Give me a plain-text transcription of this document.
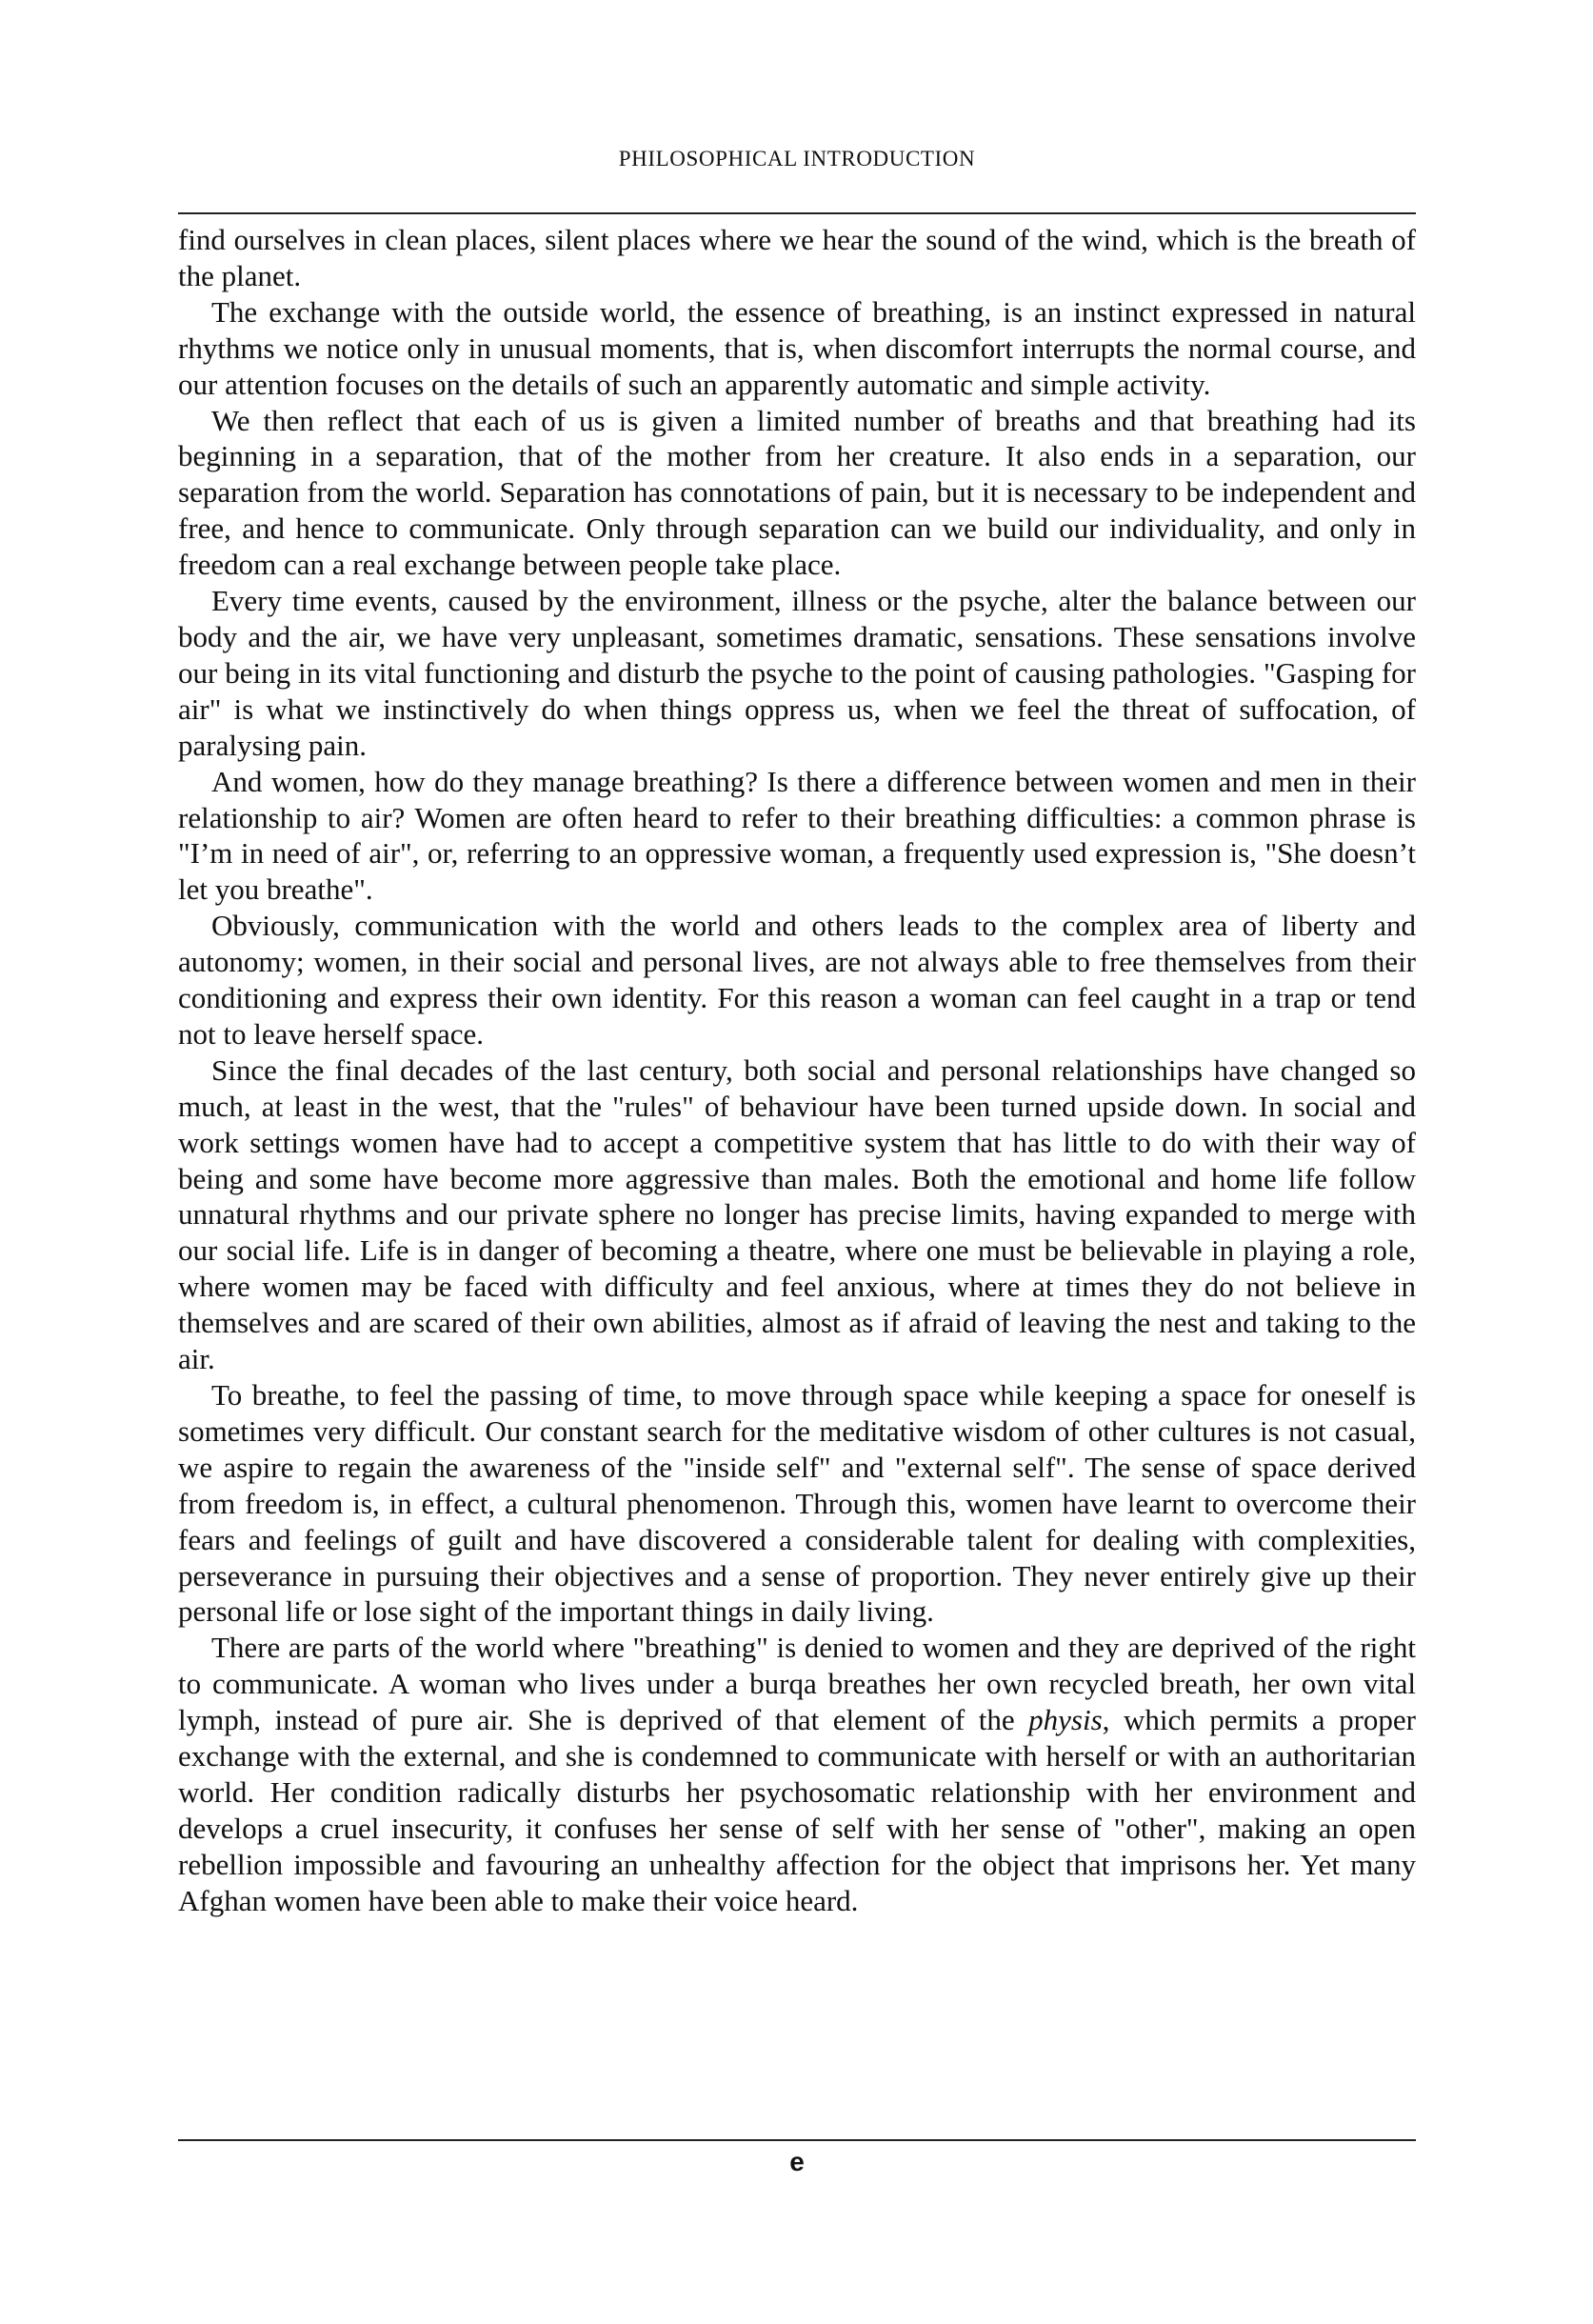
PHILOSOPHICAL INTRODUCTION

find ourselves in clean places, silent places where we hear the sound of the wind, which is the breath of the planet.

The exchange with the outside world, the essence of breathing, is an instinct expressed in natural rhythms we notice only in unusual moments, that is, when discomfort interrupts the normal course, and our attention focuses on the details of such an apparently automatic and simple activity.

We then reflect that each of us is given a limited number of breaths and that breathing had its beginning in a separation, that of the mother from her creature. It also ends in a separation, our separation from the world. Separation has connotations of pain, but it is necessary to be independent and free, and hence to communicate. Only through separation can we build our individuality, and only in freedom can a real exchange between people take place.

Every time events, caused by the environment, illness or the psyche, alter the balance between our body and the air, we have very unpleasant, sometimes dramatic, sensations. These sensations involve our being in its vital functioning and disturb the psyche to the point of causing pathologies. "Gasping for air" is what we instinctively do when things oppress us, when we feel the threat of suffocation, of paralysing pain.

And women, how do they manage breathing? Is there a difference between women and men in their relationship to air? Women are often heard to refer to their breathing difficulties: a common phrase is "I’m in need of air", or, referring to an oppressive woman, a frequently used expression is, "She doesn’t let you breathe".

Obviously, communication with the world and others leads to the complex area of liberty and autonomy; women, in their social and personal lives, are not always able to free themselves from their conditioning and express their own identity. For this reason a woman can feel caught in a trap or tend not to leave herself space.

Since the final decades of the last century, both social and personal relationships have changed so much, at least in the west, that the "rules" of behaviour have been turned upside down. In social and work settings women have had to accept a competitive system that has little to do with their way of being and some have become more aggressive than males. Both the emotional and home life follow unnatural rhythms and our private sphere no longer has precise limits, having expanded to merge with our social life. Life is in danger of becoming a theatre, where one must be believable in playing a role, where women may be faced with difficulty and feel anxious, where at times they do not believe in themselves and are scared of their own abilities, almost as if afraid of leaving the nest and taking to the air.

To breathe, to feel the passing of time, to move through space while keeping a space for oneself is sometimes very difficult. Our constant search for the meditative wisdom of other cultures is not casual, we aspire to regain the awareness of the "inside self" and "external self". The sense of space derived from freedom is, in effect, a cultural phenomenon. Through this, women have learnt to overcome their fears and feelings of guilt and have discovered a considerable talent for dealing with complexities, perseverance in pursuing their objectives and a sense of proportion. They never entirely give up their personal life or lose sight of the important things in daily living.

There are parts of the world where "breathing" is denied to women and they are deprived of the right to communicate. A woman who lives under a burqa breathes her own recycled breath, her own vital lymph, instead of pure air. She is deprived of that element of the physis, which permits a proper exchange with the external, and she is condemned to communicate with herself or with an authoritarian world. Her condition radically disturbs her psychosomatic relationship with her environment and develops a cruel insecurity, it confuses her sense of self with her sense of "other", making an open rebellion impossible and favouring an unhealthy affection for the object that imprisons her. Yet many Afghan women have been able to make their voice heard.

e
